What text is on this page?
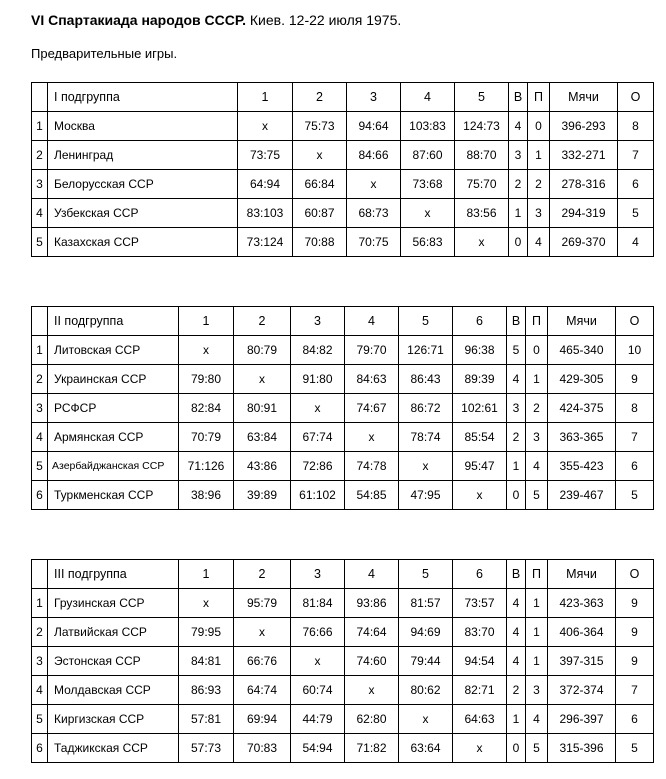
VI Спартакиада народов СССР. Киев. 12-22 июля 1975.
Предварительные игры.
	I подгруппа	1	2	3	4	5	В	П	Мячи	О
1	Москва	x	75:73	94:64	103:83	124:73	4	0	396-293	8
2	Ленинград	73:75	x	84:66	87:60	88:70	3	1	332-271	7
3	Белорусская ССР	64:94	66:84	x	73:68	75:70	2	2	278-316	6
4	Узбекская ССР	83:103	60:87	68:73	x	83:56	1	3	294-319	5
5	Казахская ССР	73:124	70:88	70:75	56:83	x	0	4	269-370	4
	II подгруппа	1	2	3	4	5	6	В	П	Мячи	О
1	Литовская ССР	x	80:79	84:82	79:70	126:71	96:38	5	0	465-340	10
2	Украинская ССР	79:80	x	91:80	84:63	86:43	89:39	4	1	429-305	9
3	РСФСР	82:84	80:91	x	74:67	86:72	102:61	3	2	424-375	8
4	Армянская ССР	70:79	63:84	67:74	x	78:74	85:54	2	3	363-365	7
5	Азербайджанская ССР	71:126	43:86	72:86	74:78	x	95:47	1	4	355-423	6
6	Туркменская ССР	38:96	39:89	61:102	54:85	47:95	x	0	5	239-467	5
	III подгруппа	1	2	3	4	5	6	В	П	Мячи	О
1	Грузинская ССР	x	95:79	81:84	93:86	81:57	73:57	4	1	423-363	9
2	Латвийская ССР	79:95	x	76:66	74:64	94:69	83:70	4	1	406-364	9
3	Эстонская ССР	84:81	66:76	x	74:60	79:44	94:54	4	1	397-315	9
4	Молдавская ССР	86:93	64:74	60:74	x	80:62	82:71	2	3	372-374	7
5	Киргизская ССР	57:81	69:94	44:79	62:80	x	64:63	1	4	296-397	6
6	Таджикская ССР	57:73	70:83	54:94	71:82	63:64	x	0	5	315-396	5
